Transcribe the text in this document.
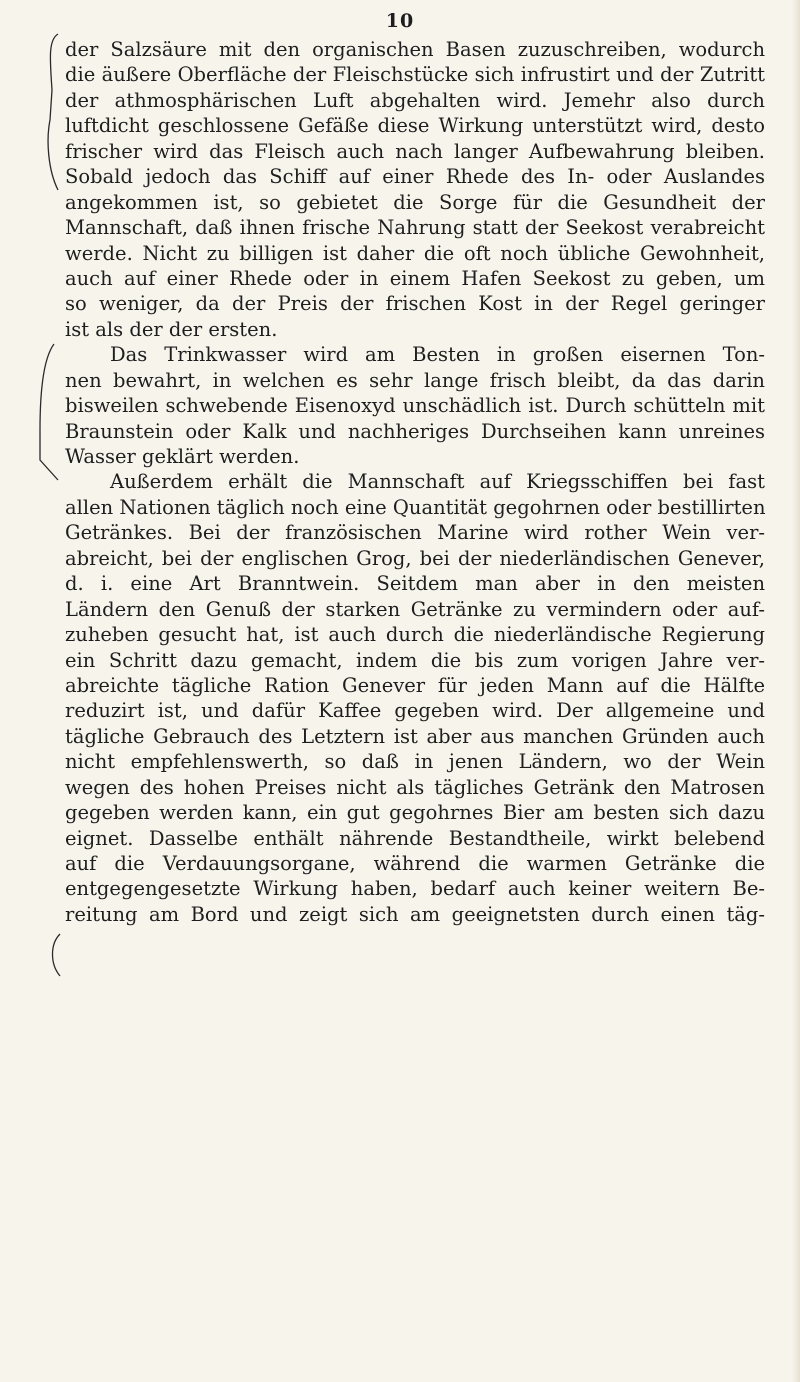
10
der Salzsäure mit den organischen Basen zuzuschreiben, wodurch
die äußere Oberfläche der Fleischstücke sich infrustirt und der Zutritt
der athmosphärischen Luft abgehalten wird. Jemehr also durch
luftdicht geschlossene Gefäße diese Wirkung unterstützt wird, desto
frischer wird das Fleisch auch nach langer Aufbewahrung bleiben.
Sobald jedoch das Schiff auf einer Rhede des In- oder Auslandes
angekommen ist, so gebietet die Sorge für die Gesundheit der
Mannschaft, daß ihnen frische Nahrung statt der Seekost verabreicht
werde. Nicht zu billigen ist daher die oft noch übliche Gewohnheit,
auch auf einer Rhede oder in einem Hafen Seekost zu geben, um
so weniger, da der Preis der frischen Kost in der Regel geringer
ist als der der ersten.
Das Trinkwasser wird am Besten in großen eisernen Ton-
nen bewahrt, in welchen es sehr lange frisch bleibt, da das darin
bisweilen schwebende Eisenoxyd unschädlich ist. Durch schütteln mit
Braunstein oder Kalk und nachheriges Durchseihen kann unreines
Wasser geklärt werden.
Außerdem erhält die Mannschaft auf Kriegsschiffen bei fast
allen Nationen täglich noch eine Quantität gegohrnen oder bestillirten
Getränkes. Bei der französischen Marine wird rother Wein ver-
abreicht, bei der englischen Grog, bei der niederländischen Genever,
d. i. eine Art Branntwein. Seitdem man aber in den meisten
Ländern den Genuß der starken Getränke zu vermindern oder auf-
zuheben gesucht hat, ist auch durch die niederländische Regierung
ein Schritt dazu gemacht, indem die bis zum vorigen Jahre ver-
abreichte tägliche Ration Genever für jeden Mann auf die Hälfte
reduzirt ist, und dafür Kaffee gegeben wird. Der allgemeine und
tägliche Gebrauch des Letztern ist aber aus manchen Gründen auch
nicht empfehlenswerth, so daß in jenen Ländern, wo der Wein
wegen des hohen Preises nicht als tägliches Getränk den Matrosen
gegeben werden kann, ein gut gegohrnes Bier am besten sich dazu
eignet. Dasselbe enthält nährende Bestandtheile, wirkt belebend
auf die Verdauungsorgane, während die warmen Getränke die
entgegengesetzte Wirkung haben, bedarf auch keiner weitern Be-
reitung am Bord und zeigt sich am geeignetsten durch einen täg-
